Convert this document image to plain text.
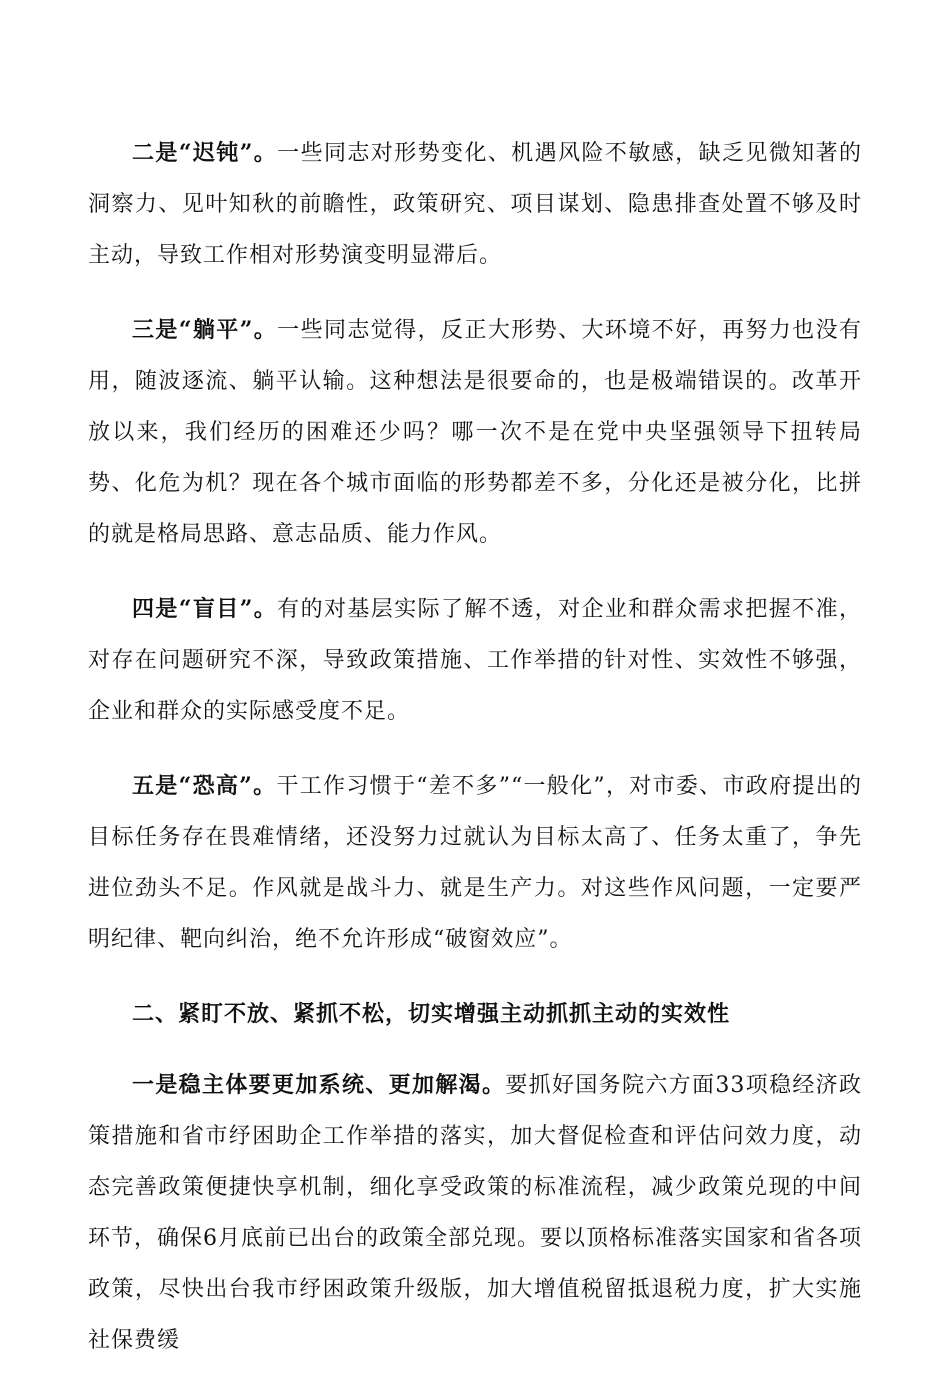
二是“迟钝”。一些同志对形势变化、机遇风险不敏感，缺乏见微知著的洞察力、见叶知秋的前瞻性，政策研究、项目谋划、隐患排查处置不够及时主动，导致工作相对形势演变明显滞后。

三是“躺平”。一些同志觉得，反正大形势、大环境不好，再努力也没有用，随波逐流、躺平认输。这种想法是很要命的，也是极端错误的。改革开放以来，我们经历的困难还少吗？哪一次不是在党中央坚强领导下扭转局势、化危为机？现在各个城市面临的形势都差不多，分化还是被分化，比拼的就是格局思路、意志品质、能力作风。

四是“盲目”。有的对基层实际了解不透，对企业和群众需求把握不准，对存在问题研究不深，导致政策措施、工作举措的针对性、实效性不够强，企业和群众的实际感受度不足。

五是“恐高”。干工作习惯于“差不多”“一般化”，对市委、市政府提出的目标任务存在畏难情绪，还没努力过就认为目标太高了、任务太重了，争先进位劲头不足。作风就是战斗力、就是生产力。对这些作风问题，一定要严明纪律、靶向纠治，绝不允许形成“破窗效应”。

二、紧盯不放、紧抓不松，切实增强主动抓抓主动的实效性

一是稳主体要更加系统、更加解渴。要抓好国务院六方面33项稳经济政策措施和省市纾困助企工作举措的落实，加大督促检查和评估问效力度，动态完善政策便捷快享机制，细化享受政策的标准流程，减少政策兑现的中间环节，确保6月底前已出台的政策全部兑现。要以顶格标准落实国家和省各项政策，尽快出台我市纾困政策升级版，加大增值税留抵退税力度，扩大实施社保费缓
